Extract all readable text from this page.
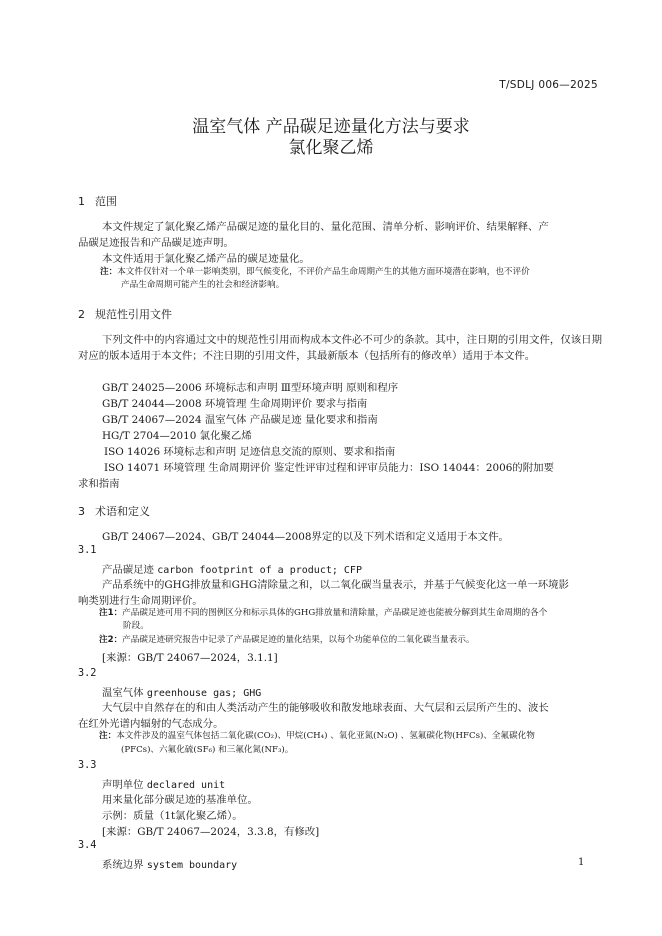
T/SDLJ 006—2025
温室气体 产品碳足迹量化方法与要求
氯化聚乙烯
1 范围
本文件规定了氯化聚乙烯产品碳足迹的量化目的、量化范围、清单分析、影响评价、结果解释、产
品碳足迹报告和产品碳足迹声明。
本文件适用于氯化聚乙烯产品的碳足迹量化。
注：本文件仅针对一个单一影响类别，即气候变化，不评价产品生命周期产生的其他方面环境潜在影响，也不评价
产品生命周期可能产生的社会和经济影响。
2 规范性引用文件
下列文件中的内容通过文中的规范性引用而构成本文件必不可少的条款。其中，注日期的引用文件，仅该日期对应的版本适用于本文件；不注日期的引用文件，其最新版本（包括所有的修改单）适用于本文件。
GB/T 24025—2006 环境标志和声明 Ⅲ型环境声明 原则和程序
GB/T 24044—2008 环境管理 生命周期评价 要求与指南
GB/T 24067—2024 温室气体 产品碳足迹 量化要求和指南
HG/T 2704—2010 氯化聚乙烯
ISO 14026 环境标志和声明 足迹信息交流的原则、要求和指南
ISO 14071 环境管理 生命周期评价 鉴定性评审过程和评审员能力：ISO 14044：2006的附加要
求和指南
3 术语和定义
GB/T 24067—2024、GB/T 24044—2008界定的以及下列术语和定义适用于本文件。
3.1
产品碳足迹 carbon footprint of a product; CFP
产品系统中的GHG排放量和GHG清除量之和，以二氧化碳当量表示，并基于气候变化这一单一环境影
响类别进行生命周期评价。
注1：产品碳足迹可用不同的图例区分和标示具体的GHG排放量和清除量，产品碳足迹也能被分解到其生命周期的各个
阶段。
注2：产品碳足迹研究报告中记录了产品碳足迹的量化结果，以每个功能单位的二氧化碳当量表示。
[来源：GB/T 24067—2024，3.1.1]
3.2
温室气体 greenhouse gas; GHG
大气层中自然存在的和由人类活动产生的能够吸收和散发地球表面、大气层和云层所产生的、波长
在红外光谱内辐射的气态成分。
注：本文件涉及的温室气体包括二氧化碳(CO₂)、甲烷(CH₄) 、氧化亚氮(N₂O) 、氢氟碳化物(HFCs)、全氟碳化物
(PFCs)、六氟化硫(SF₆) 和三氟化氮(NF₃)。
3.3
声明单位 declared unit
用来量化部分碳足迹的基准单位。
示例：质量（1t氯化聚乙烯）。
[来源：GB/T 24067—2024，3.3.8，有修改]
3.4
系统边界 system boundary	1
